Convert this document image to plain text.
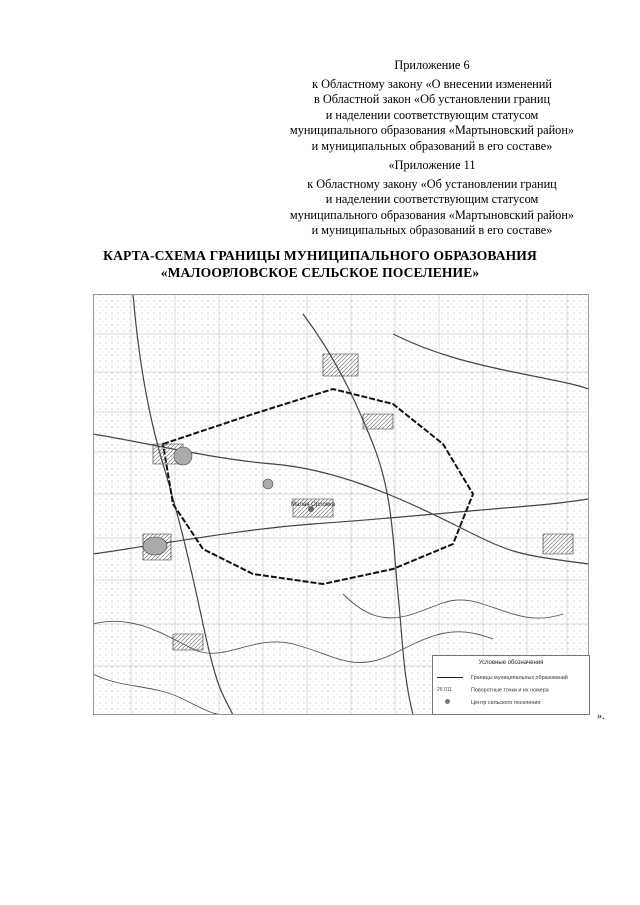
Приложение 6
к Областному закону «О внесении изменений
в Областной закон «Об установлении границ
и наделении соответствующим статусом
муниципального образования «Мартыновский район»
и муниципальных образований в его составе»
«Приложение 11
к Областному закону «Об установлении границ
и наделении соответствующим статусом
муниципального образования «Мартыновский район»
и муниципальных образований в его составе»
КАРТА-СХЕМА ГРАНИЦЫ МУНИЦИПАЛЬНОГО ОБРАЗОВАНИЯ
«МАЛООРЛОВСКОЕ СЕЛЬСКОЕ ПОСЕЛЕНИЕ»
Малая Орловка
Условные обозначения
Границы муниципальных образований
26 011	Поворотные точки и их номера
Центр сельского поселения
».
